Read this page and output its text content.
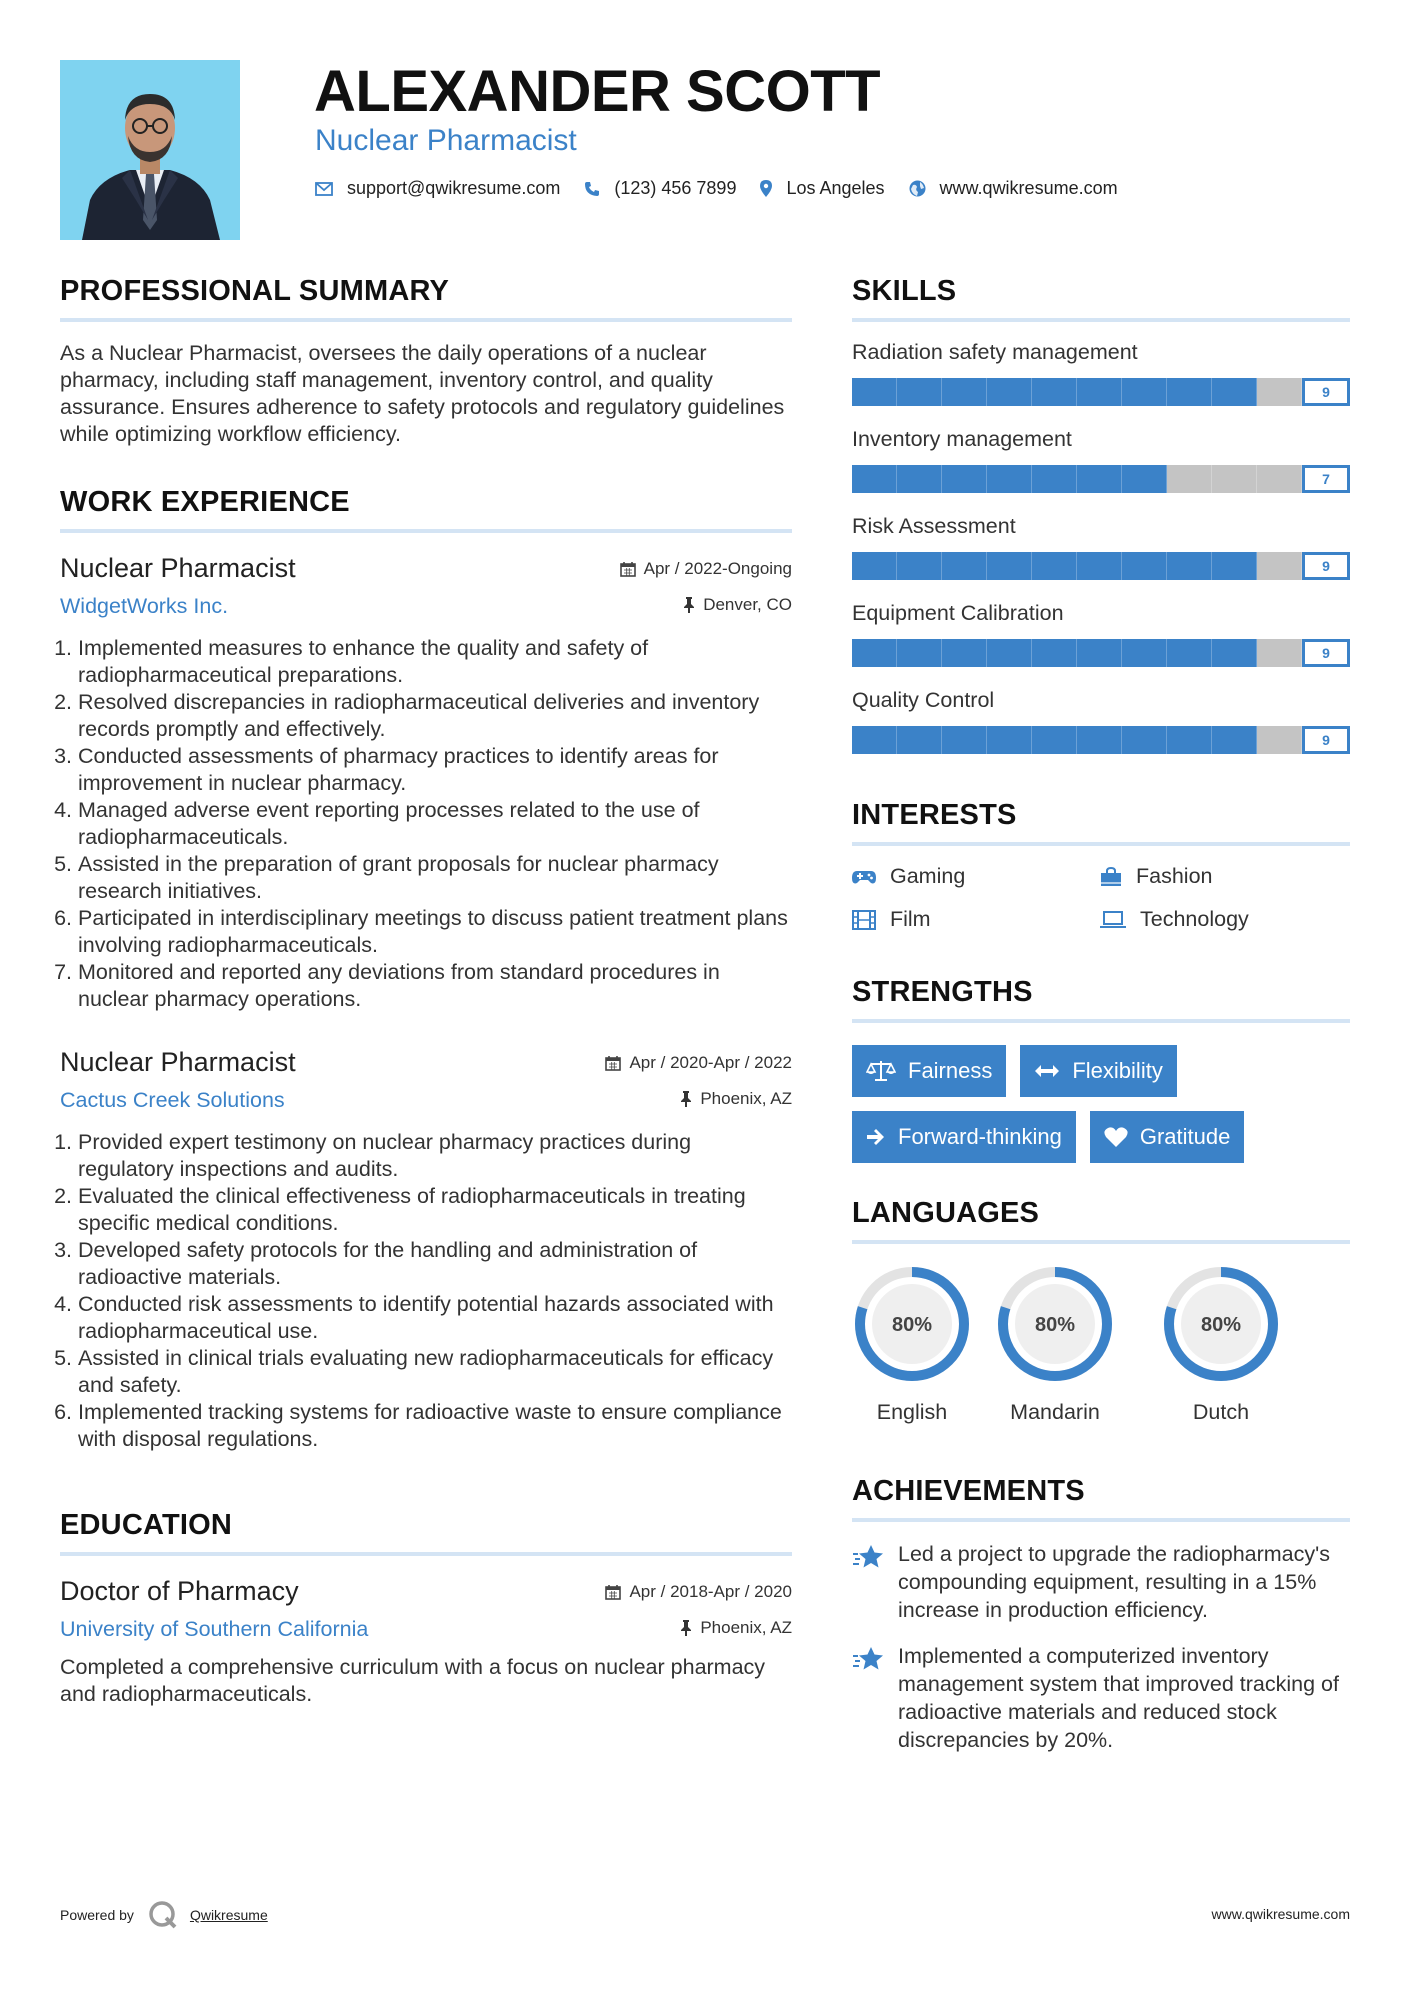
ALEXANDER SCOTT
Nuclear Pharmacist
support@qwikresume.com	(123) 456 7899	Los Angeles	www.qwikresume.com
PROFESSIONAL SUMMARY
As a Nuclear Pharmacist, oversees the daily operations of a nuclear pharmacy, including staff management, inventory control, and quality assurance. Ensures adherence to safety protocols and regulatory guidelines while optimizing workflow efficiency.
WORK EXPERIENCE
Nuclear Pharmacist	Apr / 2022-Ongoing
WidgetWorks Inc.	Denver, CO
1. Implemented measures to enhance the quality and safety of radiopharmaceutical preparations.
2. Resolved discrepancies in radiopharmaceutical deliveries and inventory records promptly and effectively.
3. Conducted assessments of pharmacy practices to identify areas for improvement in nuclear pharmacy.
4. Managed adverse event reporting processes related to the use of radiopharmaceuticals.
5. Assisted in the preparation of grant proposals for nuclear pharmacy research initiatives.
6. Participated in interdisciplinary meetings to discuss patient treatment plans involving radiopharmaceuticals.
7. Monitored and reported any deviations from standard procedures in nuclear pharmacy operations.
Nuclear Pharmacist	Apr / 2020-Apr / 2022
Cactus Creek Solutions	Phoenix, AZ
1. Provided expert testimony on nuclear pharmacy practices during regulatory inspections and audits.
2. Evaluated the clinical effectiveness of radiopharmaceuticals in treating specific medical conditions.
3. Developed safety protocols for the handling and administration of radioactive materials.
4. Conducted risk assessments to identify potential hazards associated with radiopharmaceutical use.
5. Assisted in clinical trials evaluating new radiopharmaceuticals for efficacy and safety.
6. Implemented tracking systems for radioactive waste to ensure compliance with disposal regulations.
EDUCATION
Doctor of Pharmacy	Apr / 2018-Apr / 2020
University of Southern California	Phoenix, AZ
Completed a comprehensive curriculum with a focus on nuclear pharmacy and radiopharmaceuticals.
SKILLS
Radiation safety management
9
Inventory management
7
Risk Assessment
9
Equipment Calibration
9
Quality Control
9
INTERESTS
Gaming	Fashion
Film	Technology
STRENGTHS
Fairness	Flexibility
Forward-thinking	Gratitude
LANGUAGES
80%
English
80%
Mandarin
80%
Dutch
ACHIEVEMENTS
Led a project to upgrade the radiopharmacy's compounding equipment, resulting in a 15% increase in production efficiency.
Implemented a computerized inventory management system that improved tracking of radioactive materials and reduced stock discrepancies by 20%.
Powered by	Qwikresume	www.qwikresume.com
